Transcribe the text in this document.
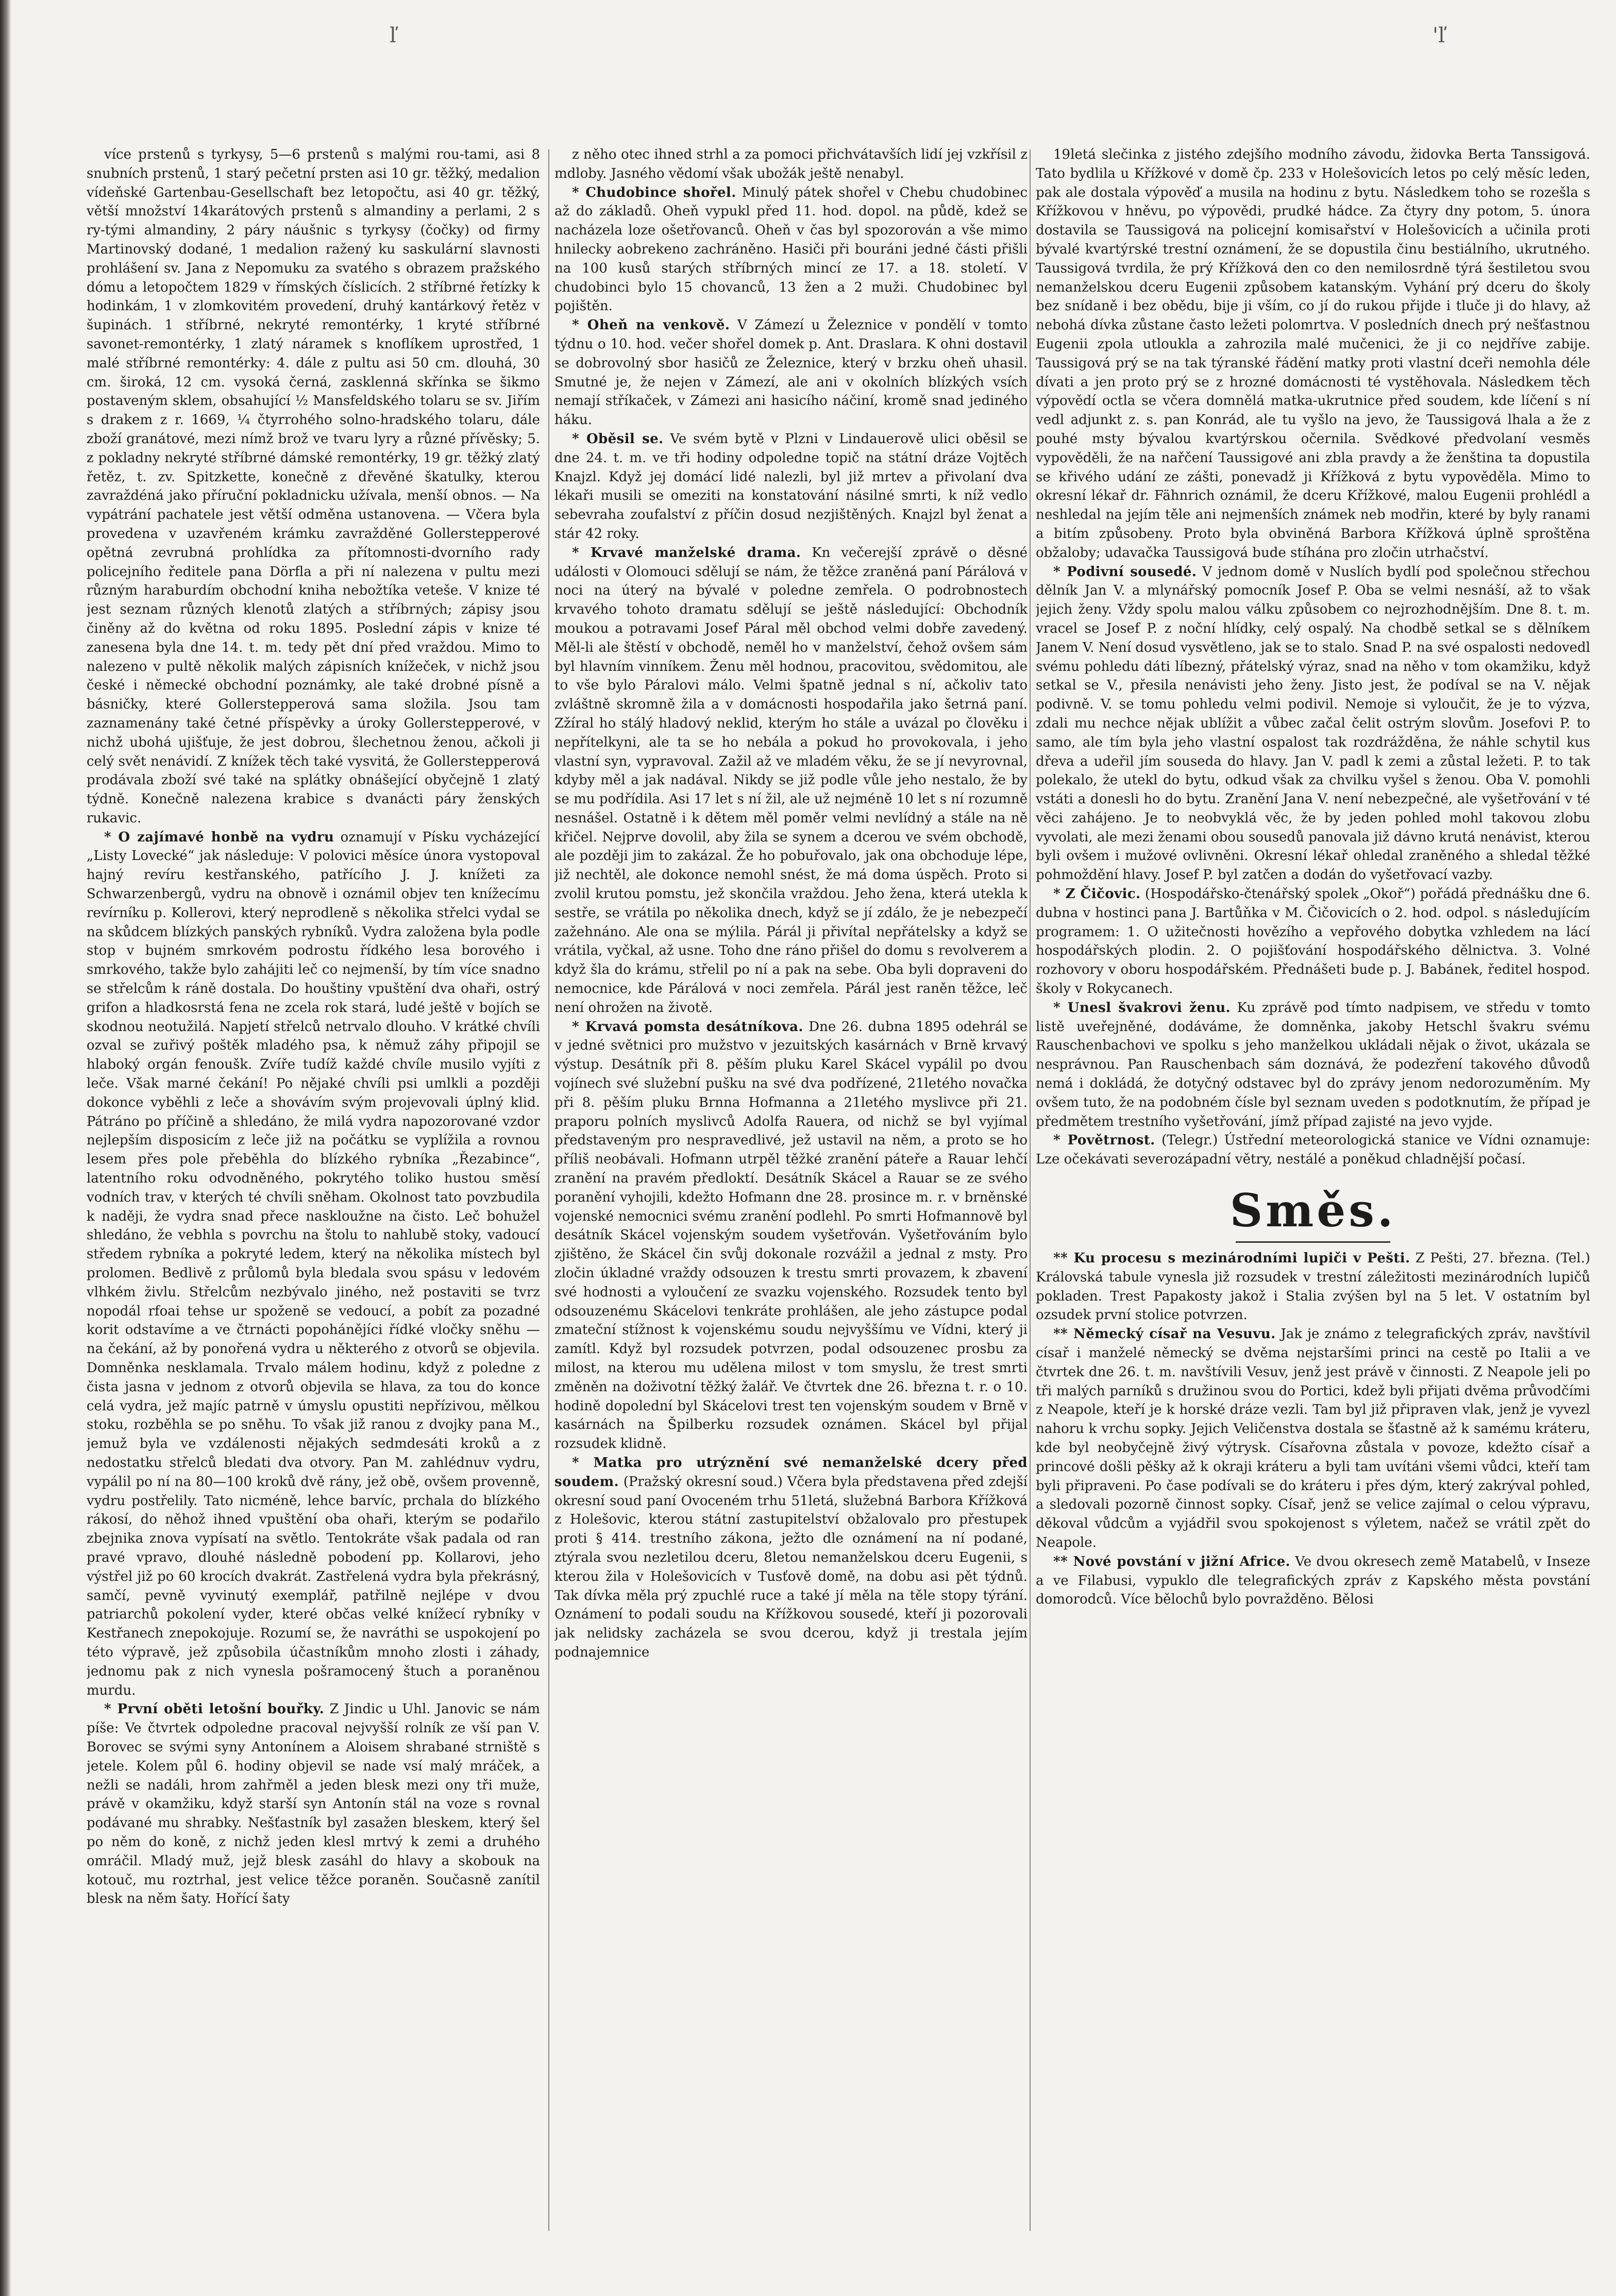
ľ	'ľ

více prstenů s tyrkysy, 5—6 prstenů s malými rou-tami, asi 8 snubních prstenů, 1 starý pečetní prsten asi 10 gr. těžký, medalion vídeňské Gartenbau-Gesellschaft bez letopočtu, asi 40 gr. těžký, větší množství 14karátových prstenů s almandiny a perlami, 2 s ry-tými almandiny, 2 páry náušnic s tyrkysy (čočky) od firmy Martinovský dodané, 1 medalion ražený ku saskulární slavnosti prohlášení sv. Jana z Nepomuku za svatého s obrazem pražského dómu a letopočtem 1829 v římských číslicích. 2 stříbrné řetízky k hodinkám, 1 v zlomkovitém provedení, druhý kantárkový řetěz v šupinách. 1 stříbrné, nekryté remontérky, 1 kryté stříbrné savonet-remontérky, 1 zlatý náramek s knoflíkem uprostřed, 1 malé stříbrné remontérky: 4. dále z pultu asi 50 cm. dlouhá, 30 cm. široká, 12 cm. vysoká černá, zasklenná skřínka se šikmo postaveným sklem, obsahující ½ Mansfeldského tolaru se sv. Jiřím s drakem z r. 1669, ¼ čtyrrohého solno-hradského tolaru, dále zboží granátové, mezi nímž brož ve tvaru lyry a různé přívěsky; 5. z pokladny nekryté stříbrné dámské remontérky, 19 gr. těžký zlatý řetěz, t. zv. Spitzkette, konečně z dřevěné škatulky, kterou zavraždéná jako příruční pokladnicku užívala, menší obnos. — Na vypátrání pachatele jest větší odměna ustanovena. — Včera byla provedena v uzavřeném krámku zavražděné Gollerstepperové opětná zevrubná prohlídka za přítomnosti-dvorního rady policejního ředitele pana Dörfla a při ní nalezena v pultu mezi různým haraburdím obchodní kniha nebožtíka veteše. V knize té jest seznam různých klenotů zlatých a stříbrných; zápisy jsou činěny až do května od roku 1895. Poslední zápis v knize té zanesena byla dne 14. t. m. tedy pět dní před vraždou. Mimo to nalezeno v pultě několik malých zápisních knížeček, v nichž jsou české i německé obchodní poznámky, ale také drobné písně a básničky, které Gollerstepperová sama složila. Jsou tam zaznamenány také četné příspěvky a úroky Gollerstepperové, v nichž ubohá ujišťuje, že jest dobrou, šlechetnou ženou, ačkoli ji celý svět nenávidí. Z knížek těch také vysvitá, že Gollerstepperová prodávala zboží své také na splátky obnášející obyčejně 1 zlatý týdně. Konečně nalezena krabice s dvanácti páry ženských rukavic.

* O zajímavé honbě na vydru oznamují v Písku vycházející „Listy Lovecké“ jak následuje: V polovici měsíce února vystopoval hajný revíru kestřanského, patřícího J. J. knížeti za Schwarzenbergů, vydru na obnově i oznámil objev ten knížecímu revírníku p. Kollerovi, který neprodleně s několika střelci vydal se na skůdcem blízkých panských rybníků. Vydra založena byla podle stop v bujném smrkovém podrostu řídkého lesa borového i smrkového, takže bylo zahájiti leč co nejmenší, by tím více snadno se střelcům k ráně dostala. Do houštiny vpuštění dva ohaři, ostrý grifon a hladkosrstá fena ne zcela rok stará, ludé ještě v bojích se skodnou neotužilá. Napjetí střelců netrvalo dlouho. V krátké chvíli ozval se zuřivý poštěk mladého psa, k němuž záhy připojil se hlaboký orgán fenoušk. Zvíře tudíž každé chvíle musilo vyjíti z leče. Však marné čekání! Po nějaké chvíli psi umlkli a později dokonce vyběhli z leče a shovávím svým projevovali úplný klid. Pátráno po příčině a shledáno, že milá vydra napozorované vzdor nejlepším disposicím z leče již na počátku se vyplížila a rovnou lesem přes pole přeběhla do blízkého rybníka „Řezabince“, latentního roku odvodněného, pokrytého toliko hustou směsí vodních trav, v kterých té chvíli sněham. Okolnost tato povzbudila k naději, že vydra snad přece naskloužne na čisto. Leč bohužel shledáno, že vebhla s povrchu na štolu to nahlubě stoky, vadoucí středem rybníka a pokryté ledem, který na několika místech byl prolomen. Bedlivě z průlomů byla bledala svou spásu v ledovém vlhkém živlu. Střelcům nezbývalo jiného, než postaviti se tvrz nopodál rfoai tehse ur spoženě se vedoucí, a pobít za pozadné korit odstavíme a ve čtrnácti popohánějíci řídké vločky sněhu — na čekání, až by ponořená vydra u některého z otvorů se objevila. Domněnka nesklamala. Trvalo málem hodinu, když z poledne z čista jasna v jednom z otvorů objevila se hlava, za tou do konce celá vydra, jež majíc patrně v úmyslu opustiti nepřízivou, mělkou stoku, rozběhla se po sněhu. To však již ranou z dvojky pana M., jemuž byla ve vzdálenosti nějakých sedmdesáti kroků a z nedostatku střelců bledati dva otvory. Pan M. zahlédnuv vydru, vypálil po ní na 80—100 kroků dvě rány, jež obě, ovšem provenně, vydru postřelily. Tato nicméně, lehce barvíc, prchala do blízkého rákosí, do něhož ihned vpuštění oba ohaři, kterým se podařilo zbejnika znova vypísatí na světlo. Tentokráte však padala od ran pravé vpravo, dlouhé následně pobodení pp. Kollarovi, jeho výstřel již po 60 krocích dvakrát. Zastřelená vydra byla překrásný, samčí, pevně vyvinutý exemplář, patřilně nejlépe v dvou patriarchů pokolení vyder, které občas velké knížecí rybníky v Kestřanech znepokojuje. Rozumí se, že navráthi se uspokojení po této výpravě, jež způsobila účastníkům mnoho zlosti i záhady, jednomu pak z nich vynesla pošramocený štuch a poraněnou murdu.

* První oběti letošní bouřky. Z Jindic u Uhl. Janovic se nám píše: Ve čtvrtek odpoledne pracoval nejvyšší rolník ze vší pan V. Borovec se svými syny Antonínem a Aloisem shrabané strniště s jetele. Kolem půl 6. hodiny objevil se nade vsí malý mráček, a nežli se nadáli, hrom zahřměl a jeden blesk mezi ony tři muže, právě v okamžiku, když starší syn Antonín stál na voze s rovnal podávané mu shrabky. Nešťastník byl zasažen bleskem, který šel po něm do koně, z nichž jeden klesl mrtvý k zemi a druhého omráčil. Mladý muž, jejž blesk zasáhl do hlavy a skobouk na kotouč, mu roztrhal, jest velice těžce poraněn. Současně zanítil blesk na něm šaty. Hořící šaty

z něho otec ihned strhl a za pomoci přichvátavších lidí jej vzkřísil z mdloby. Jasného vědomí však ubožák ještě nenabyl.

* Chudobince shořel. Minulý pátek shořel v Chebu chudobinec až do základů. Oheň vypukl před 11. hod. dopol. na půdě, kdež se nacházela loze ošetřovanců. Oheň v čas byl spozorován a vše mimo hnilecky aobrekeno zachráněno. Hasiči při bouráni jedné části přišli na 100 kusů starých stříbrných mincí ze 17. a 18. století. V chudobinci bylo 15 chovanců, 13 žen a 2 muži. Chudobinec byl pojištěn.

* Oheň na venkově. V Zámezí u Železnice v pondělí v tomto týdnu o 10. hod. večer shořel domek p. Ant. Draslara. K ohni dostavil se dobrovolný sbor hasičů ze Železnice, který v brzku oheň uhasil. Smutné je, že nejen v Zámezí, ale ani v okolních blízkých vsích nemají stříkaček, v Zámezi ani hasicího náčiní, kromě snad jediného háku.

* Oběsil se. Ve svém bytě v Plzni v Lindauerově ulici oběsil se dne 24. t. m. ve tři hodiny odpoledne topič na státní dráze Vojtěch Knajzl. Když jej domácí lidé nalezli, byl již mrtev a přivolaní dva lékaři musili se omeziti na konstatování násilné smrti, k níž vedlo sebevraha zoufalství z příčin dosud nezjištěných. Knajzl byl ženat a stár 42 roky.

* Krvavé manželské drama. Kn večerejší zprávě o děsné události v Olomouci sdělují se nám, že těžce zraněná paní Párálová v noci na úterý na bývalé v poledne zemřela. O podrobnostech krvavého tohoto dramatu sdělují se ještě následující: Obchodník moukou a potravami Josef Páral měl obchod velmi dobře zavedený. Měl-li ale štěstí v obchodě, neměl ho v manželství, čehož ovšem sám byl hlavním vinníkem. Ženu měl hodnou, pracovitou, svědomitou, ale to vše bylo Páralovi málo. Velmi špatně jednal s ní, ačkoliv tato zvláštně skromně žila a v domácnosti hospodařila jako šetrná paní. Zžíral ho stálý hladový neklid, kterým ho stále a uvázal po člověku i nepřítelkyni, ale ta se ho nebála a pokud ho provokovala, i jeho vlastní syn, vypravoval. Zažil až ve mladém věku, že se jí nevyrovnal, kdyby měl a jak nadával. Nikdy se již podle vůle jeho nestalo, že by se mu podřídila. Asi 17 let s ní žil, ale už nejméně 10 let s ní rozumně nesnášel. Ostatně i k dětem měl poměr velmi nevlídný a stále na ně křičel. Nejprve dovolil, aby žila se synem a dcerou ve svém obchodě, ale později jim to zakázal. Že ho pobuřovalo, jak ona obchoduje lépe, již nechtěl, ale dokonce nemohl snést, že má doma úspěch. Proto si zvolil krutou pomstu, jež skončila vraždou. Jeho žena, která utekla k sestře, se vrátila po několika dnech, když se jí zdálo, že je nebezpečí zažehnáno. Ale ona se mýlila. Párál ji přivítal nepřátelsky a když se vrátila, vyčkal, až usne. Toho dne ráno přišel do domu s revolverem a když šla do krámu, střelil po ní a pak na sebe. Oba byli dopraveni do nemocnice, kde Párálová v noci zemřela. Párál jest raněn těžce, leč není ohrožen na životě.

* Krvavá pomsta desátníkova. Dne 26. dubna 1895 odehrál se v jedné světnici pro mužstvo v jezuitských kasárnách v Brně krvavý výstup. Desátník při 8. pěším pluku Karel Skácel vypálil po dvou vojínech své služební pušku na své dva podřízené, 21letého novačka při 8. pěším pluku Brnna Hofmanna a 21letého myslivce při 21. praporu polních myslivců Adolfa Rauera, od nichž se byl vyjímal představeným pro nespravedlivé, jež ustavil na něm, a proto se ho příliš neobávali. Hofmann utrpěl těžké zranění páteře a Rauar lehčí zranění na pravém předloktí. Desátník Skácel a Rauar se ze svého poranění vyhojili, kdežto Hofmann dne 28. prosince m. r. v brněnské vojenské nemocnici svému zranění podlehl. Po smrti Hofmannově byl desátník Skácel vojenským soudem vyšetřován. Vyšetřováním bylo zjištěno, že Skácel čin svůj dokonale rozvážil a jednal z msty. Pro zločin úkladné vraždy odsouzen k trestu smrti provazem, k zbavení své hodnosti a vyloučení ze svazku vojenského. Rozsudek tento byl odsouzenému Skácelovi tenkráte prohlášen, ale jeho zástupce podal zmateční stížnost k vojenskému soudu nejvyššímu ve Vídni, který ji zamítl. Když byl rozsudek potvrzen, podal odsouzenec prosbu za milost, na kterou mu udělena milost v tom smyslu, že trest smrti změněn na doživotní těžký žalář. Ve čtvrtek dne 26. března t. r. o 10. hodině dopolední byl Skácelovi trest ten vojenským soudem v Brně v kasárnách na Špilberku rozsudek oznámen. Skácel byl přijal rozsudek klidně.

* Matka pro utrýznění své nemanželské dcery před soudem. (Pražský okresní soud.) Včera byla představena před zdejší okresní soud paní Ovoceném trhu 51letá, služebná Barbora Křížková z Holešovic, kterou státní zastupitelství obžalovalo pro přestupek proti § 414. trestního zákona, ježto dle oznámení na ní podané, ztýrala svou nezletilou dceru, 8letou nemanželskou dceru Eugenii, s kterou žila v Holešovicích v Tusťově domě, na dobu asi pět týdnů. Tak dívka měla prý zpuchlé ruce a také jí měla na těle stopy týrání. Oznámení to podali soudu na Křížkovou sousedé, kteří ji pozorovali jak nelidsky zacházela se svou dcerou, když ji trestala jejím podnajemnice

19letá slečinka z jistého zdejšího modního závodu, židovka Berta Tanssigová. Tato bydlila u Křížkové v domě čp. 233 v Holešovicích letos po celý měsíc leden, pak ale dostala výpověď a musila na hodinu z bytu. Následkem toho se rozešla s Křížkovou v hněvu, po výpovědi, prudké hádce. Za čtyry dny potom, 5. února dostavila se Taussigová na policejní komisařství v Holešovicích a učinila proti bývalé kvartýrské trestní oznámení, že se dopustila činu bestiálního, ukrutného. Taussigová tvrdila, že prý Křížková den co den nemilosrdně týrá šestiletou svou nemanželskou dceru Eugenii způsobem katanským. Vyhání prý dceru do školy bez snídaně i bez obědu, bije ji vším, co jí do rukou přijde i tluče ji do hlavy, až nebohá dívka zůstane často ležeti polomrtva. V posledních dnech prý nešťastnou Eugenii zpola utloukla a zahrozila malé mučenici, že ji co nejdříve zabije. Taussigová prý se na tak týranské řádění matky proti vlastní dceři nemohla déle dívati a jen proto prý se z hrozné domácnosti té vystěhovala. Následkem těch výpovědí octla se včera domnělá matka-ukrutnice před soudem, kde líčení s ní vedl adjunkt z. s. pan Konrád, ale tu vyšlo na jevo, že Taussigová lhala a že z pouhé msty bývalou kvartýrskou očernila. Svědkové předvolaní vesměs vypověděli, že na nařčení Taussigové ani zbla pravdy a že ženština ta dopustila se křivého udání ze zášti, ponevadž ji Křížková z bytu vypověděla. Mimo to okresní lékař dr. Fähnrich oznámil, že dceru Křížkové, malou Eugenii prohlédl a neshledal na jejím těle ani nejmenších známek neb modřin, které by byly ranami a bitím způsobeny. Proto byla obviněná Barbora Křížková úplně sproštěna obžaloby; udavačka Taussigová bude stíhána pro zločin utrhačství.

* Podivní sousedé. V jednom domě v Nuslích bydlí pod společnou střechou dělník Jan V. a mlynářský pomocník Josef P. Oba se velmi nesnáší, až to však jejich ženy. Vždy spolu malou válku způsobem co nejrozhodnějším. Dne 8. t. m. vracel se Josef P. z noční hlídky, celý ospalý. Na chodbě setkal se s dělníkem Janem V. Není dosud vysvětleno, jak se to stalo. Snad P. na své ospalosti nedovedl svému pohledu dáti líbezný, přátelský výraz, snad na něho v tom okamžiku, když setkal se V., přesila nenávisti jeho ženy. Jisto jest, že podíval se na V. nějak podivně. V. se tomu pohledu velmi podivil. Nemoje si vyloučit, že je to výzva, zdali mu nechce nějak ublížit a vůbec začal čelit ostrým slovům. Josefovi P. to samo, ale tím byla jeho vlastní ospalost tak rozdrážděna, že náhle schytil kus dřeva a udeřil jím souseda do hlavy. Jan V. padl k zemi a zůstal ležeti. P. to tak polekalo, že utekl do bytu, odkud však za chvilku vyšel s ženou. Oba V. pomohli vstáti a donesli ho do bytu. Zranění Jana V. není nebezpečné, ale vyšetřování v té věci zahájeno. Je to neobvyklá věc, že by jeden pohled mohl takovou zlobu vyvolati, ale mezi ženami obou sousedů panovala již dávno krutá nenávist, kterou byli ovšem i mužové ovlivněni. Okresní lékař ohledal zraněného a shledal těžké pohmoždění hlavy. Josef P. byl zatčen a dodán do vyšetřovací vazby.

* Z Čičovic. (Hospodářsko-čtenářský spolek „Okoř“) pořádá přednášku dne 6. dubna v hostinci pana J. Bartůňka v M. Čičovicích o 2. hod. odpol. s následujícím programem: 1. O užitečnosti hovězího a vepřového dobytka vzhledem na lácí hospodářských plodin. 2. O pojišťování hospodářského dělnictva. 3. Volné rozhovory v oboru hospodářském. Přednášeti bude p. J. Babánek, ředitel hospod. školy v Rokycanech.

* Unesl švakrovi ženu. Ku zprávě pod tímto nadpisem, ve středu v tomto listě uveřejněné, dodáváme, že domněnka, jakoby Hetschl švakru svému Rauschenbachovi ve spolku s jeho manželkou ukládali nějak o život, ukázala se nesprávnou. Pan Rauschenbach sám doznává, že podezření takového důvodů nemá i dokládá, že dotyčný odstavec byl do zprávy jenom nedorozuměním. My ovšem tuto, že na podobném čísle byl seznam uveden s podotknutím, že případ je předmětem trestního vyšetřování, jímž případ zajisté na jevo vyjde.

* Povětrnost. (Telegr.) Ústřední meteorologická stanice ve Vídni oznamuje: Lze očekávati severozápadní větry, nestálé a poněkud chladnější počasí.

Směs.

** Ku procesu s mezinárodními lupiči v Pešti. Z Pešti, 27. března. (Tel.) Královská tabule vynesla již rozsudek v trestní záležitosti mezinárodních lupičů pokladen. Trest Papakosty jakož i Stalia zvýšen byl na 5 let. V ostatním byl ozsudek první stolice potvrzen.

** Německý císař na Vesuvu. Jak je známo z telegrafických zpráv, navštívil císař i manželé německý se dvěma nejstaršími princi na cestě po Italii a ve čtvrtek dne 26. t. m. navštívili Vesuv, jenž jest právě v činnosti. Z Neapole jeli po tři malých parníků s družinou svou do Portici, kdež byli přijati dvěma průvodčími z Neapole, kteří je k horské dráze vezli. Tam byl již připraven vlak, jenž je vyvezl nahoru k vrchu sopky. Jejich Veličenstva dostala se šťastně až k samému kráteru, kde byl neobyčejně živý výtrysk. Císařovna zůstala v povoze, kdežto císař a princové došli pěšky až k okraji kráteru a byli tam uvítáni všemi vůdci, kteří tam byli připraveni. Po čase podívali se do kráteru i přes dým, který zakrýval pohled, a sledovali pozorně činnost sopky. Císař, jenž se velice zajímal o celou výpravu, děkoval vůdcům a vyjádřil svou spokojenost s výletem, načež se vrátil zpět do Neapole.

** Nové povstání v jižní Africe. Ve dvou okresech země Matabelů, v Inseze a ve Filabusi, vypuklo dle telegrafických zpráv z Kapského města povstání domorodců. Více bělochů bylo povražděno. Bělosi
